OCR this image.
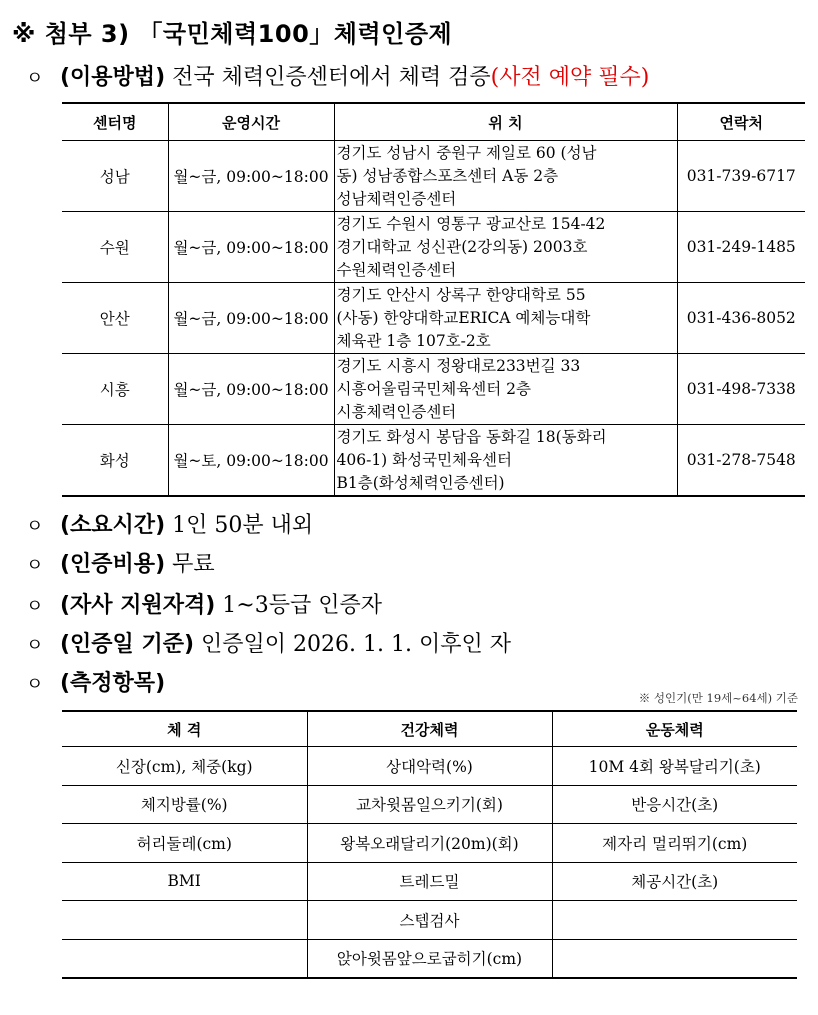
※ 첨부 3) 「국민체력100」체력인증제
ㅇ (이용방법) 전국 체력인증센터에서 체력 검증(사전 예약 필수)
센터명	운영시간	위 치	연락처
성남	월~금, 09:00~18:00	경기도 성남시 중원구 제일로 60 (성남
동) 성남종합스포츠센터 A동 2층
성남체력인증센터	031-739-6717
수원	월~금, 09:00~18:00	경기도 수원시 영통구 광교산로 154-42
경기대학교 성신관(2강의동) 2003호
수원체력인증센터	031-249-1485
안산	월~금, 09:00~18:00	경기도 안산시 상록구 한양대학로 55
(사동) 한양대학교ERICA 예체능대학
체육관 1층 107호-2호	031-436-8052
시흥	월~금, 09:00~18:00	경기도 시흥시 정왕대로233번길 33
시흥어울림국민체육센터 2층
시흥체력인증센터	031-498-7338
화성	월~토, 09:00~18:00	경기도 화성시 봉담읍 동화길 18(동화리
406-1) 화성국민체육센터
B1층(화성체력인증센터)	031-278-7548
ㅇ (소요시간) 1인 50분 내외
ㅇ (인증비용) 무료
ㅇ (자사 지원자격) 1~3등급 인증자
ㅇ (인증일 기준) 인증일이 2026. 1. 1. 이후인 자
ㅇ (측정항목)
※ 성인기(만 19세~64세) 기준
체 격	건강체력	운동체력
신장(cm), 체중(kg)	상대악력(%)	10M 4회 왕복달리기(초)
체지방률(%)	교차윗몸일으키기(회)	반응시간(초)
허리둘레(cm)	왕복오래달리기(20m)(회)	제자리 멀리뛰기(cm)
BMI	트레드밀	체공시간(초)
	스텝검사	
	앉아윗몸앞으로굽히기(cm)	
